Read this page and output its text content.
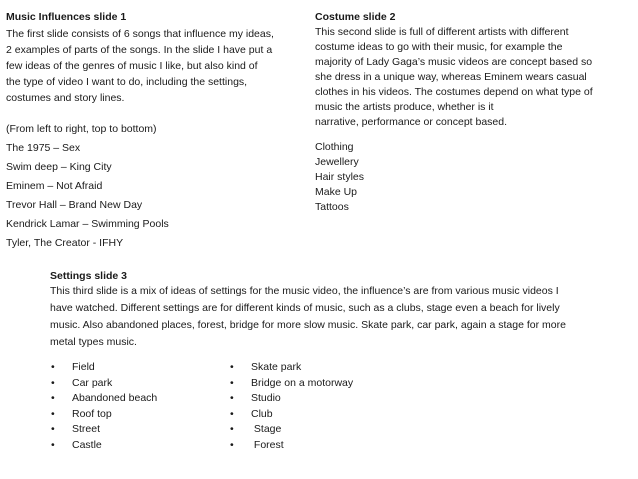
Music Influences slide 1
The first slide consists of 6 songs that influence my ideas,
2 examples of parts of the songs. In the slide I have put a
few ideas of the genres of music I like, but also kind of
the type of video I want to do, including the settings,
costumes and story lines.
(From left to right, top to bottom)
The 1975 – Sex
Swim deep – King City
Eminem – Not Afraid
Trevor Hall – Brand New Day
Kendrick Lamar – Swimming Pools
Tyler, The Creator - IFHY
Costume slide 2
This second slide is full of different artists with different
costume ideas to go with their music, for example the
majority of Lady Gaga’s music videos are concept based so
she dress in a unique way, whereas Eminem wears casual
clothes in his videos. The costumes depend on what type of
music the artists produce, whether is it
narrative, performance or concept based.
Clothing
Jewellery
Hair styles
Make Up
Tattoos
Settings slide 3
This third slide is a mix of ideas of settings for the music video, the influence’s are from various music videos I
have watched. Different settings are for different kinds of music, such as a clubs, stage even a beach for lively
music. Also abandoned places, forest, bridge for more slow music. Skate park, car park, again a stage for more
metal types music.
• Field
• Car park
• Abandoned beach
• Roof top
• Street
• Castle
• Skate park
• Bridge on a motorway
• Studio
• Club
• Stage
• Forest
